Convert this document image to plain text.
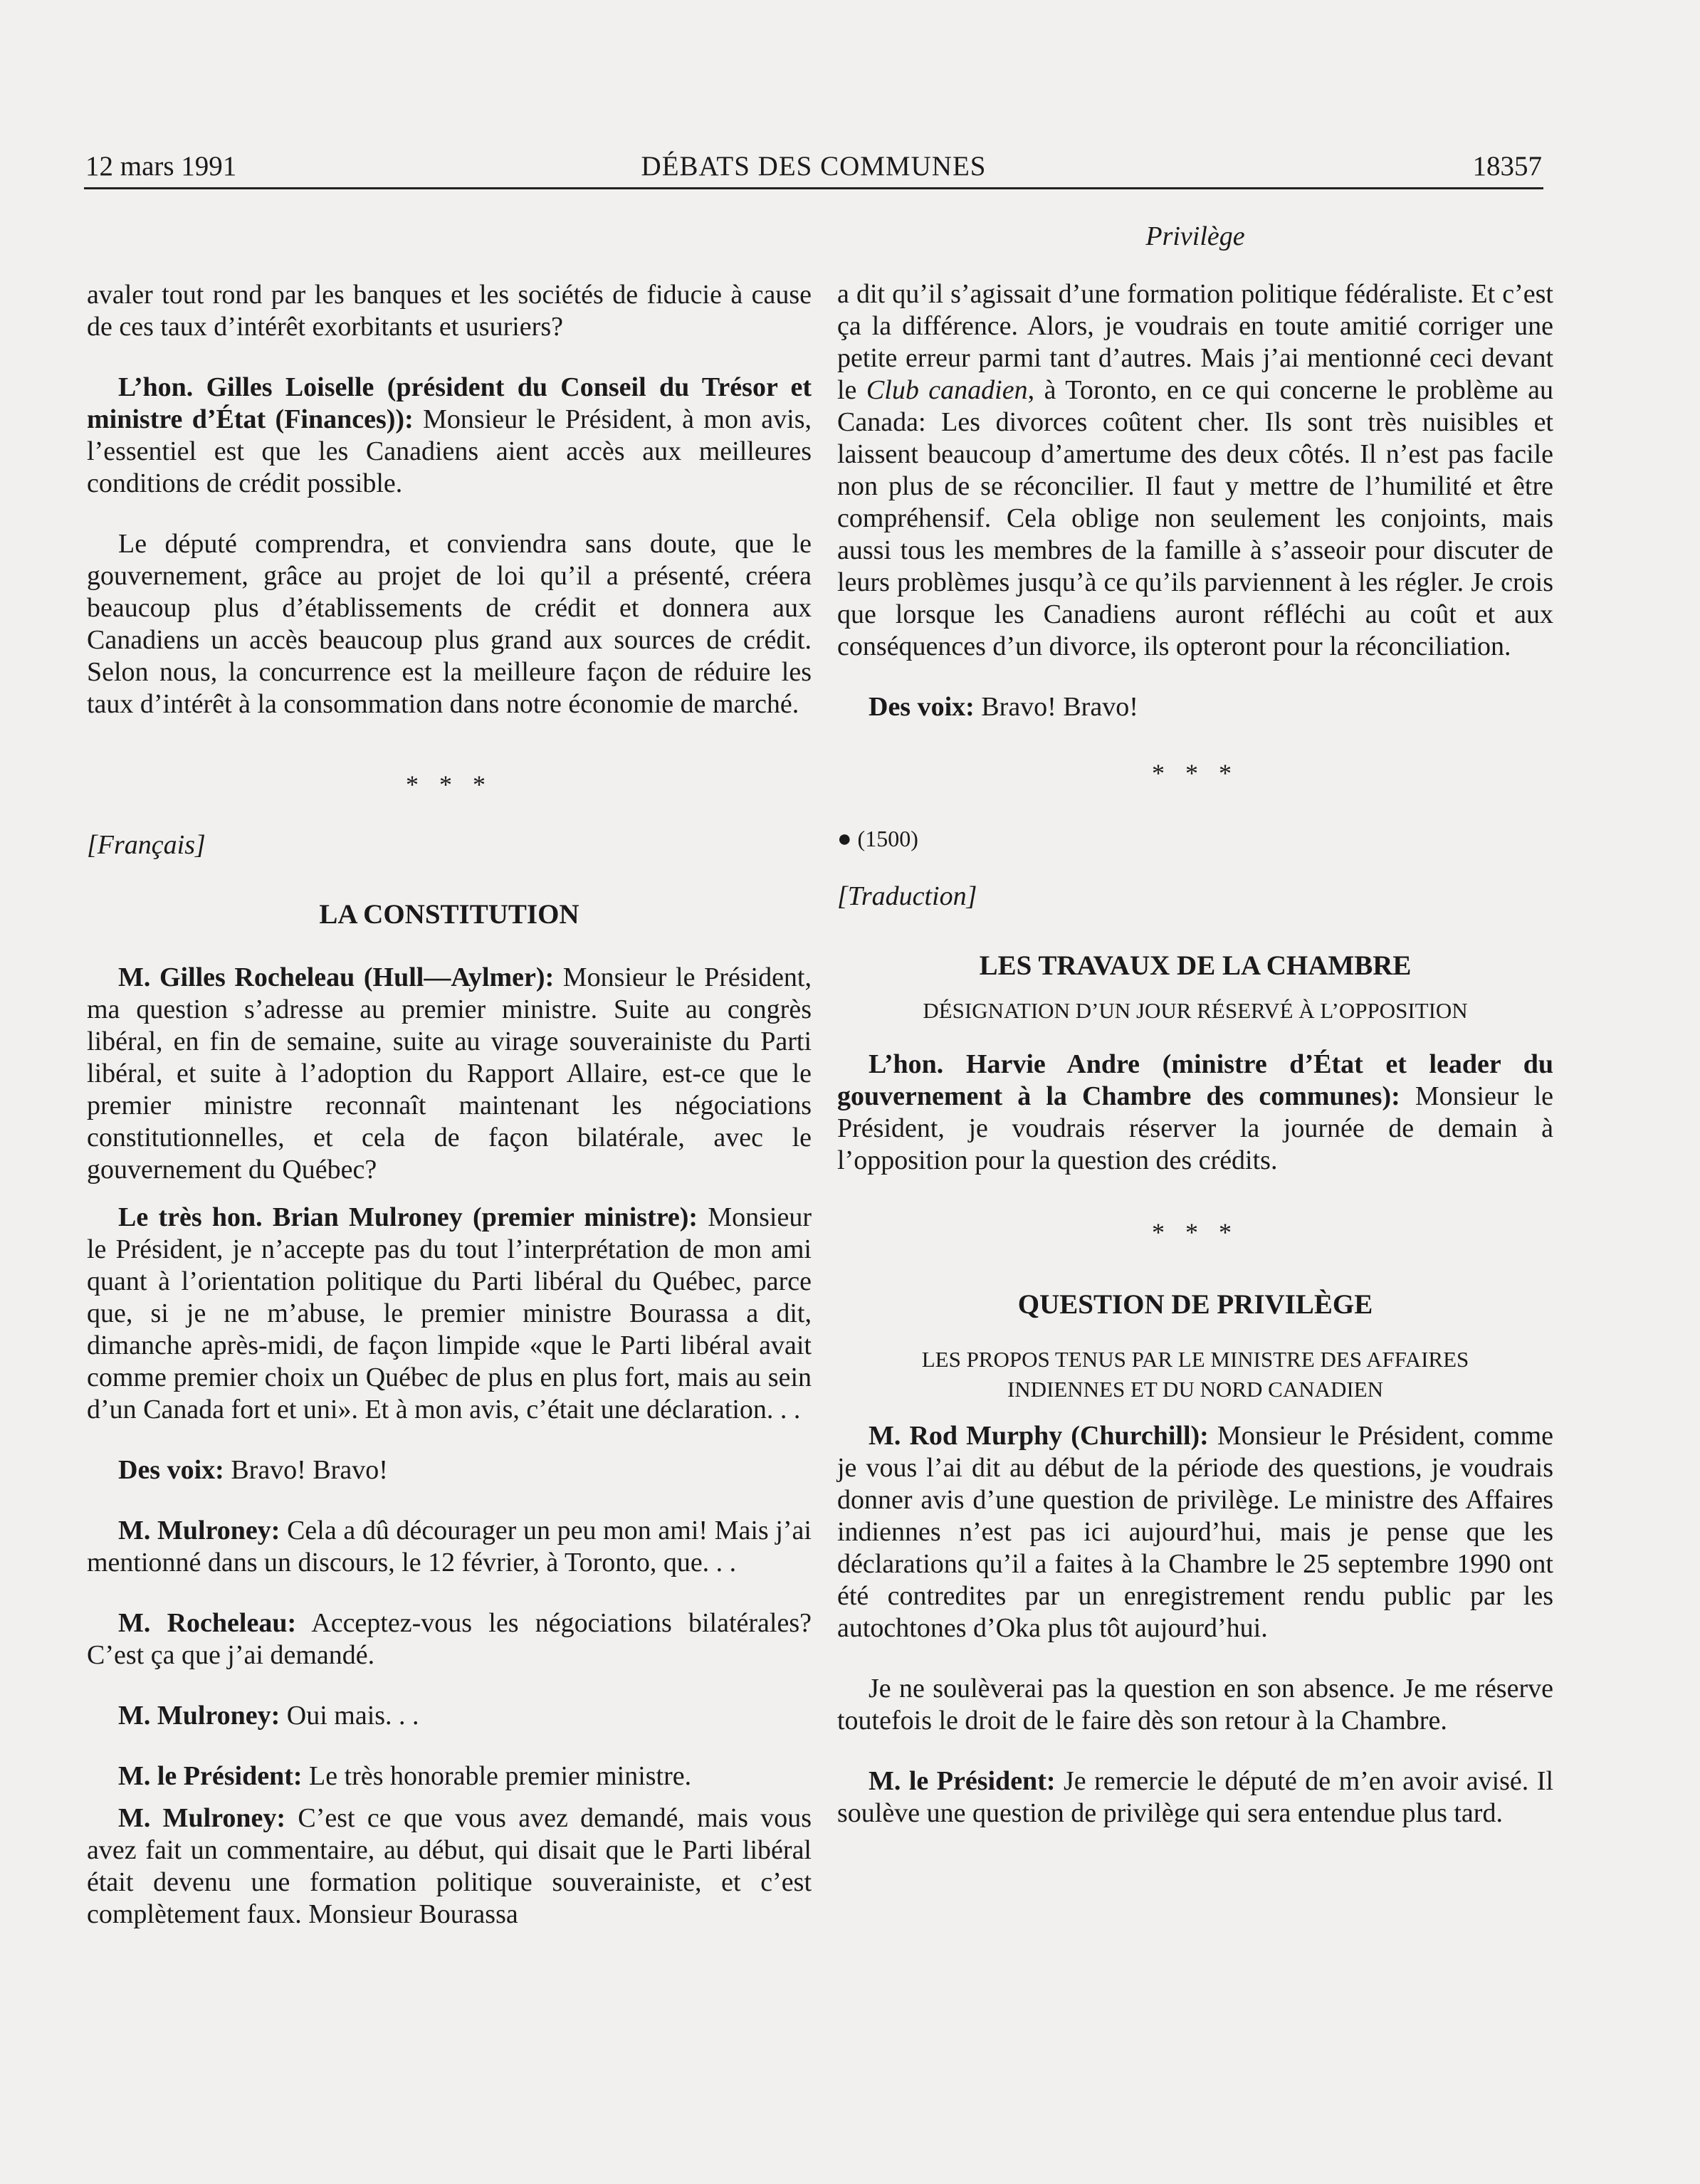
12 mars 1991	DÉBATS DES COMMUNES	18357

avaler tout rond par les banques et les sociétés de fiducie à cause de ces taux d’intérêt exorbitants et usuriers?

L’hon. Gilles Loiselle (président du Conseil du Trésor et ministre d’État (Finances)): Monsieur le Président, à mon avis, l’essentiel est que les Canadiens aient accès aux meilleures conditions de crédit possible.

Le député comprendra, et conviendra sans doute, que le gouvernement, grâce au projet de loi qu’il a présenté, créera beaucoup plus d’établissements de crédit et donnera aux Canadiens un accès beaucoup plus grand aux sources de crédit. Selon nous, la concurrence est la meilleure façon de réduire les taux d’intérêt à la consommation dans notre économie de marché.

* * *

[Français]

LA CONSTITUTION

M. Gilles Rocheleau (Hull—Aylmer): Monsieur le Président, ma question s’adresse au premier ministre. Suite au congrès libéral, en fin de semaine, suite au virage souverainiste du Parti libéral, et suite à l’adoption du Rapport Allaire, est-ce que le premier ministre reconnaît maintenant les négociations constitutionnelles, et cela de façon bilatérale, avec le gouvernement du Québec?

Le très hon. Brian Mulroney (premier ministre): Monsieur le Président, je n’accepte pas du tout l’interprétation de mon ami quant à l’orientation politique du Parti libéral du Québec, parce que, si je ne m’abuse, le premier ministre Bourassa a dit, dimanche après-midi, de façon limpide «que le Parti libéral avait comme premier choix un Québec de plus en plus fort, mais au sein d’un Canada fort et uni». Et à mon avis, c’était une déclaration. . .

Des voix: Bravo! Bravo!

M. Mulroney: Cela a dû décourager un peu mon ami! Mais j’ai mentionné dans un discours, le 12 février, à Toronto, que. . .

M. Rocheleau: Acceptez-vous les négociations bilatérales? C’est ça que j’ai demandé.

M. Mulroney: Oui mais. . .

M. le Président: Le très honorable premier ministre.

M. Mulroney: C’est ce que vous avez demandé, mais vous avez fait un commentaire, au début, qui disait que le Parti libéral était devenu une formation politique souverainiste, et c’est complètement faux. Monsieur Bourassa

Privilège

a dit qu’il s’agissait d’une formation politique fédéraliste. Et c’est ça la différence. Alors, je voudrais en toute amitié corriger une petite erreur parmi tant d’autres. Mais j’ai mentionné ceci devant le Club canadien, à Toronto, en ce qui concerne le problème au Canada: Les divorces coûtent cher. Ils sont très nuisibles et laissent beaucoup d’amertume des deux côtés. Il n’est pas facile non plus de se réconcilier. Il faut y mettre de l’humilité et être compréhensif. Cela oblige non seulement les conjoints, mais aussi tous les membres de la famille à s’asseoir pour discuter de leurs problèmes jusqu’à ce qu’ils parviennent à les régler. Je crois que lorsque les Canadiens auront réfléchi au coût et aux conséquences d’un divorce, ils opteront pour la réconciliation.

Des voix: Bravo! Bravo!

* * *

● (1500)

[Traduction]

LES TRAVAUX DE LA CHAMBRE

DÉSIGNATION D’UN JOUR RÉSERVÉ À L’OPPOSITION

L’hon. Harvie Andre (ministre d’État et leader du gouvernement à la Chambre des communes): Monsieur le Président, je voudrais réserver la journée de demain à l’opposition pour la question des crédits.

* * *

QUESTION DE PRIVILÈGE

LES PROPOS TENUS PAR LE MINISTRE DES AFFAIRES INDIENNES ET DU NORD CANADIEN

M. Rod Murphy (Churchill): Monsieur le Président, comme je vous l’ai dit au début de la période des questions, je voudrais donner avis d’une question de privilège. Le ministre des Affaires indiennes n’est pas ici aujourd’hui, mais je pense que les déclarations qu’il a faites à la Chambre le 25 septembre 1990 ont été contredites par un enregistrement rendu public par les autochtones d’Oka plus tôt aujourd’hui.

Je ne soulèverai pas la question en son absence. Je me réserve toutefois le droit de le faire dès son retour à la Chambre.

M. le Président: Je remercie le député de m’en avoir avisé. Il soulève une question de privilège qui sera entendue plus tard.
